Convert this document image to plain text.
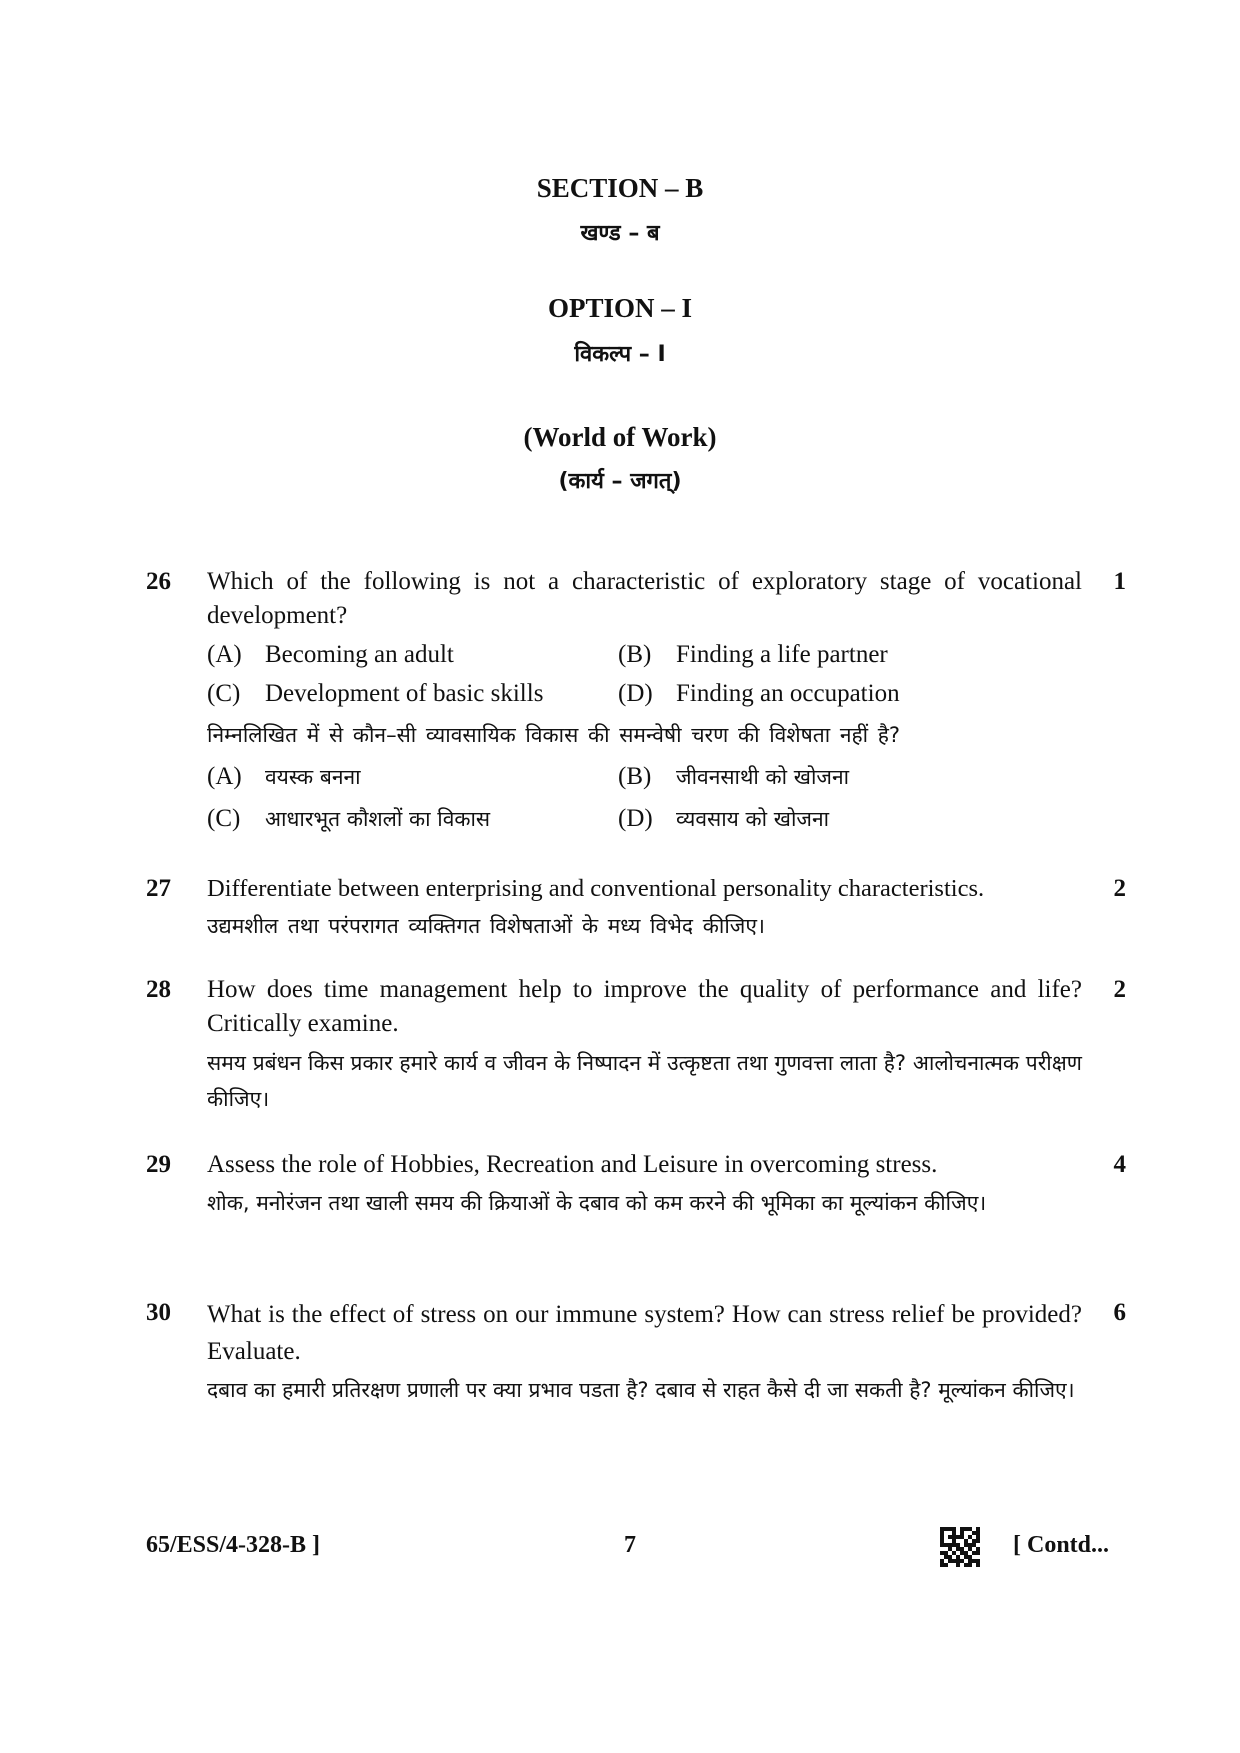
SECTION – B
खण्ड – ब
OPTION – I
विकल्प – I
(World of Work)
(कार्य – जगत्)
26 Which of the following is not a characteristic of exploratory stage of vocational development?
1
(A) Becoming an adult	(B) Finding a life partner
(C) Development of basic skills	(D) Finding an occupation
निम्नलिखित में से कौन–सी व्यावसायिक विकास की समन्वेषी चरण की विशेषता नहीं है?
(A) वयस्क बनना	(B) जीवनसाथी को खोजना
(C) आधारभूत कौशलों का विकास	(D) व्यवसाय को खोजना
27 Differentiate between enterprising and conventional personality characteristics.	2
उद्यमशील तथा परंपरागत व्यक्तिगत विशेषताओं के मध्य विभेद कीजिए।
28 How does time management help to improve the quality of performance and life? Critically examine.
2
समय प्रबंधन किस प्रकार हमारे कार्य व जीवन के निष्पादन में उत्कृष्टता तथा गुणवत्ता लाता है? आलोचनात्मक परीक्षण कीजिए।
29 Assess the role of Hobbies, Recreation and Leisure in overcoming stress.	4
शोक, मनोरंजन तथा खाली समय की क्रियाओं के दबाव को कम करने की भूमिका का मूल्यांकन कीजिए।
30 What is the effect of stress on our immune system? How can stress relief be provided? Evaluate.
6
दबाव का हमारी प्रतिरक्षण प्रणाली पर क्या प्रभाव पडता है? दबाव से राहत कैसे दी जा सकती है? मूल्यांकन कीजिए।
65/ESS/4-328-B ]	7	[ Contd...
